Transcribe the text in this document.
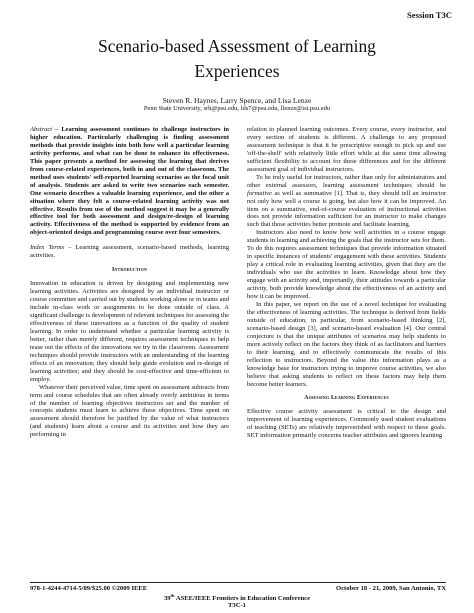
Session T3C
Scenario-based Assessment of Learning
Experiences
Steven R. Haynes, Larry Spence, and Lisa Lenze
Penn State University, srh@psu.edu, lds7@psu.edu, llenze@ist.psu.edu

Abstract – Learning assessment continues to challenge instructors in higher education. Particularly challenging is finding assessment methods that provide insights into both how well a particular learning activity performs, and what can be done to enhance its effectiveness. This paper presents a method for assessing the learning that derives from course-related experiences, both in and out of the classroom. The method uses students' self-reported learning scenarios as the focal unit of analysis. Students are asked to write two scenarios each semester. One scenario describes a valuable learning experience, and the other a situation where they felt a course-related learning activity was not effective. Results from use of the method suggest it may be a generally effective tool for both assessment and design/re-design of learning activity. Effectiveness of the method is supported by evidence from an object-oriented design and programming course over four semesters.

Index Terms – Learning assessment, scenario-based methods, learning activities.

Introduction

Innovation in education is driven by designing and implementing new learning activities. Activities are designed by an individual instructor or course committee and carried out by students working alone or in teams and include in-class work or assignments to be done outside of class. A significant challenge is development of relevant techniques for assessing the effectiveness of these innovations as a function of the quality of student learning. In order to understand whether a particular learning activity is better, rather than merely different, requires assessment techniques to help tease out the effects of the innovations we try in the classroom. Assessment techniques should provide instructors with an understanding of the learning effects of an innovation; they should help guide evolution and re-design of learning activities; and they should be cost-effective and time-efficient to employ.

Whatever their perceived value, time spent on assessment subtracts from term and course schedules that are often already overly ambitious in terms of the number of learning objectives instructors set and the number of concepts students must learn to achieve these objectives. Time spent on assessment should therefore be justified by the value of what instructors (and students) learn about a course and its activities and how they are performing in

relation to planned learning outcomes. Every course, every instructor, and every section of students is different. A challenge to any proposed assessment technique is that it be prescriptive enough to pick up and use 'off-the-shelf' with relatively little effort while at the same time allowing sufficient flexibility to account for these differences and for the different assessment goal of individual instructors.

To be truly useful for instructors, rather than only for administrators and other external assessors, learning assessment techniques should be formative as well as summative [1]. That is, they should tell an instructor not only how well a course is going, but also how it can be improved. An item on a summative, end-of-course evaluation of instructional activities does not provide information sufficient for an instructor to make changes such that those activities better promote and facilitate learning.

Instructors also need to know how well activities in a course engage students in learning and achieving the goals that the instructor sets for them. To do this requires assessment techniques that provide information situated in specific instances of students' engagement with these activities. Students play a critical role in evaluating learning activities, given that they are the individuals who use the activities to learn. Knowledge about how they engage with an activity and, importantly, their attitudes towards a particular activity, both provide knowledge about the effectiveness of an activity and how it can be improved.

In this paper, we report on the use of a novel technique for evaluating the effectiveness of learning activities. The technique is derived from fields outside of education, in particular, from scenario-based thinking [2], scenario-based design [3], and scenario-based evaluation [4]. Our central conjecture is that the unique attributes of scenarios may help students to more actively reflect on the factors they think of as facilitators and barriers to their learning, and to effectively communicate the results of this reflection to instructors. Beyond the value this information plays as a knowledge base for instructors trying to improve course activities, we also believe that asking students to reflect on these factors may help them become better learners.

Assessing Learning Experiences

Effective course activity assessment is critical to the design and improvement of learning experiences. Commonly used student evaluations of teaching (SETs) are relatively impoverished with respect to these goals. SET information primarily concerns teacher attributes and ignores learning

978-1-4244-4714-5/09/$25.00 ©2009 IEEE	October 18 - 21, 2009, San Antonio, TX
39th ASEE/IEEE Frontiers in Education Conference
T3C-1
